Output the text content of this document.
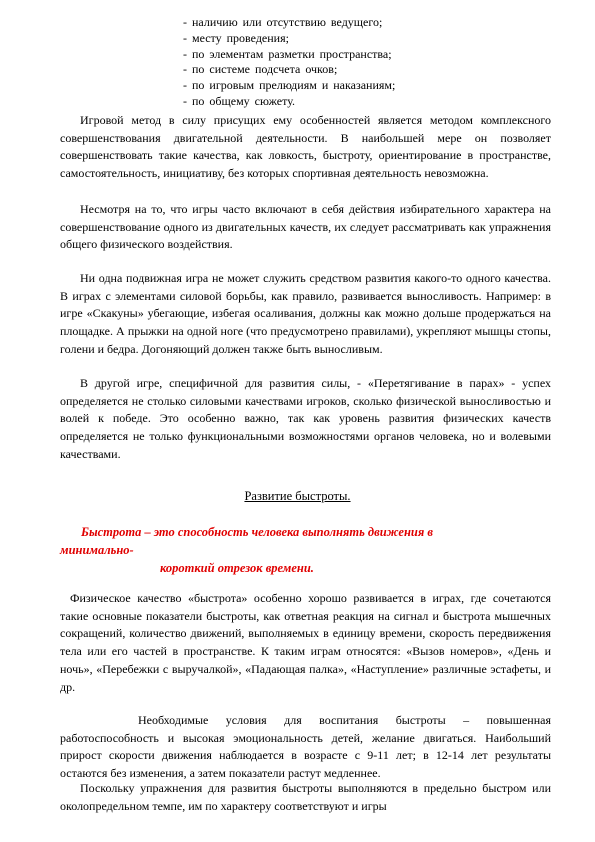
- наличию или отсутствию ведущего;
- месту проведения;
- по элементам разметки пространства;
- по системе подсчета очков;
- по игровым прелюдиям и наказаниям;
- по общему сюжету.

Игровой метод в силу присущих ему особенностей является методом комплексного совершенствования двигательной деятельности. В наибольшей мере он позволяет совершенствовать такие качества, как ловкость, быстроту, ориентирование в пространстве, самостоятельность, инициативу, без которых спортивная деятельность невозможна.

Несмотря на то, что игры часто включают в себя действия избирательного характера на совершенствование одного из двигательных качеств, их следует рассматривать как упражнения общего физического воздействия.

Ни одна подвижная игра не может служить средством развития какого-то одного качества. В играх с элементами силовой борьбы, как правило, развивается выносливость. Например: в игре «Скакуны» убегающие, избегая осаливания, должны как можно дольше продержаться на площадке. А прыжки на одной ноге (что предусмотрено правилами), укрепляют мышцы стопы, голени и бедра. Догоняющий должен также быть выносливым.

В другой игре, специфичной для развития силы, - «Перетягивание в парах» - успех определяется не столько силовыми качествами игроков, сколько физической выносливостью и волей к победе. Это особенно важно, так как уровень развития физических качеств определяется не только функциональными возможностями органов человека, но и волевыми качествами.

Развитие быстроты.

Быстрота – это способность человека выполнять движения в

минимально-

короткий отрезок времени.

Физическое качество «быстрота» особенно хорошо развивается в играх, где сочетаются такие основные показатели быстроты, как ответная реакция на сигнал и быстрота мышечных сокращений, количество движений, выполняемых в единицу времени, скорость передвижения тела или его частей в пространстве. К таким играм относятся: «Вызов номеров», «День и ночь», «Перебежки с выручалкой», «Падающая палка», «Наступление» различные эстафеты, и др.

Необходимые условия для воспитания быстроты – повышенная работоспособность и высокая эмоциональность детей, желание двигаться. Наибольший прирост скорости движения наблюдается в возрасте с 9-11 лет; в 12-14 лет результаты остаются без изменения, а затем показатели растут медленнее.

Поскольку упражнения для развития быстроты выполняются в предельно быстром или околопредельном темпе, им по характеру соответствуют и игры
